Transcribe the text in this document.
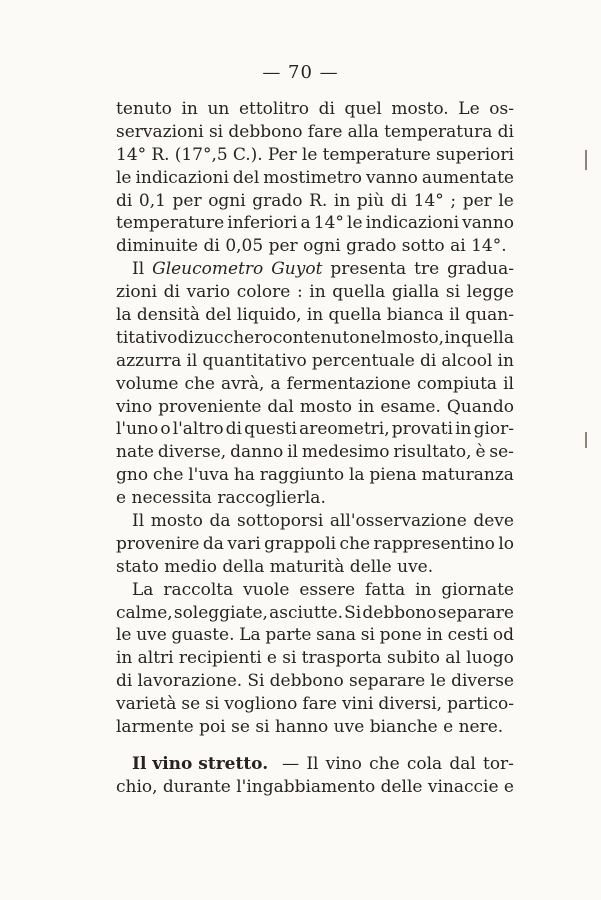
— 70 —
tenuto in un ettolitro di quel mosto. Le os-
servazioni si debbono fare alla temperatura di
14° R. (17°,5 C.). Per le temperature superiori
le indicazioni del mostimetro vanno aumentate
di 0,1 per ogni grado R. in più di 14° ; per le
temperature inferiori a 14° le indicazioni vanno
diminuite di 0,05 per ogni grado sotto ai 14°.
Il Gleucometro Guyot presenta tre gradua-
zioni di vario colore : in quella gialla si legge
la densità del liquido, in quella bianca il quan-
titativo di zucchero contenuto nel mosto, in quella
azzurra il quantitativo percentuale di alcool in
volume che avrà, a fermentazione compiuta il
vino proveniente dal mosto in esame. Quando
l'uno o l'altro di questi areometri, provati in gior-
nate diverse, danno il medesimo risultato, è se-
gno che l'uva ha raggiunto la piena maturanza
e necessita raccoglierla.
Il mosto da sottoporsi all'osservazione deve
provenire da vari grappoli che rappresentino lo
stato medio della maturità delle uve.
La raccolta vuole essere fatta in giornate
calme, soleggiate, asciutte. Si debbono separare
le uve guaste. La parte sana si pone in cesti od
in altri recipienti e si trasporta subito al luogo
di lavorazione. Si debbono separare le diverse
varietà se si vogliono fare vini diversi, partico-
larmente poi se si hanno uve bianche e nere.
Il vino stretto. — Il vino che cola dal tor-
chio, durante l'ingabbiamento delle vinaccie e
